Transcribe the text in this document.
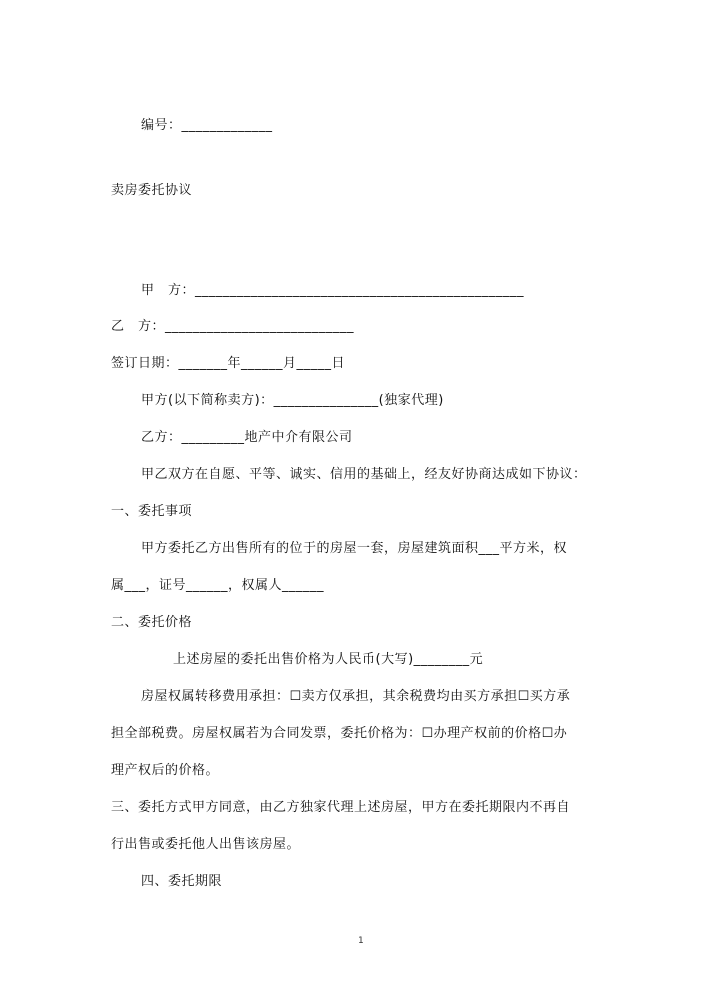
编号：_____________
卖房委托协议
甲　方：_______________________________________________
乙　方：___________________________
签订日期：_______年______月_____日
甲方(以下简称卖方)：_______________(独家代理)
乙方：_________地产中介有限公司
甲乙双方在自愿、平等、诚实、信用的基础上，经友好协商达成如下协议：
一、委托事项
甲方委托乙方出售所有的位于的房屋一套，房屋建筑面积___平方米，权
属___，证号______，权属人______
二、委托价格
上述房屋的委托出售价格为人民币(大写)________元
房屋权属转移费用承担：☐卖方仅承担，其余税费均由买方承担☐买方承
担全部税费。房屋权属若为合同发票，委托价格为：☐办理产权前的价格☐办
理产权后的价格。
三、委托方式甲方同意，由乙方独家代理上述房屋，甲方在委托期限内不再自
行出售或委托他人出售该房屋。
四、委托期限
1
